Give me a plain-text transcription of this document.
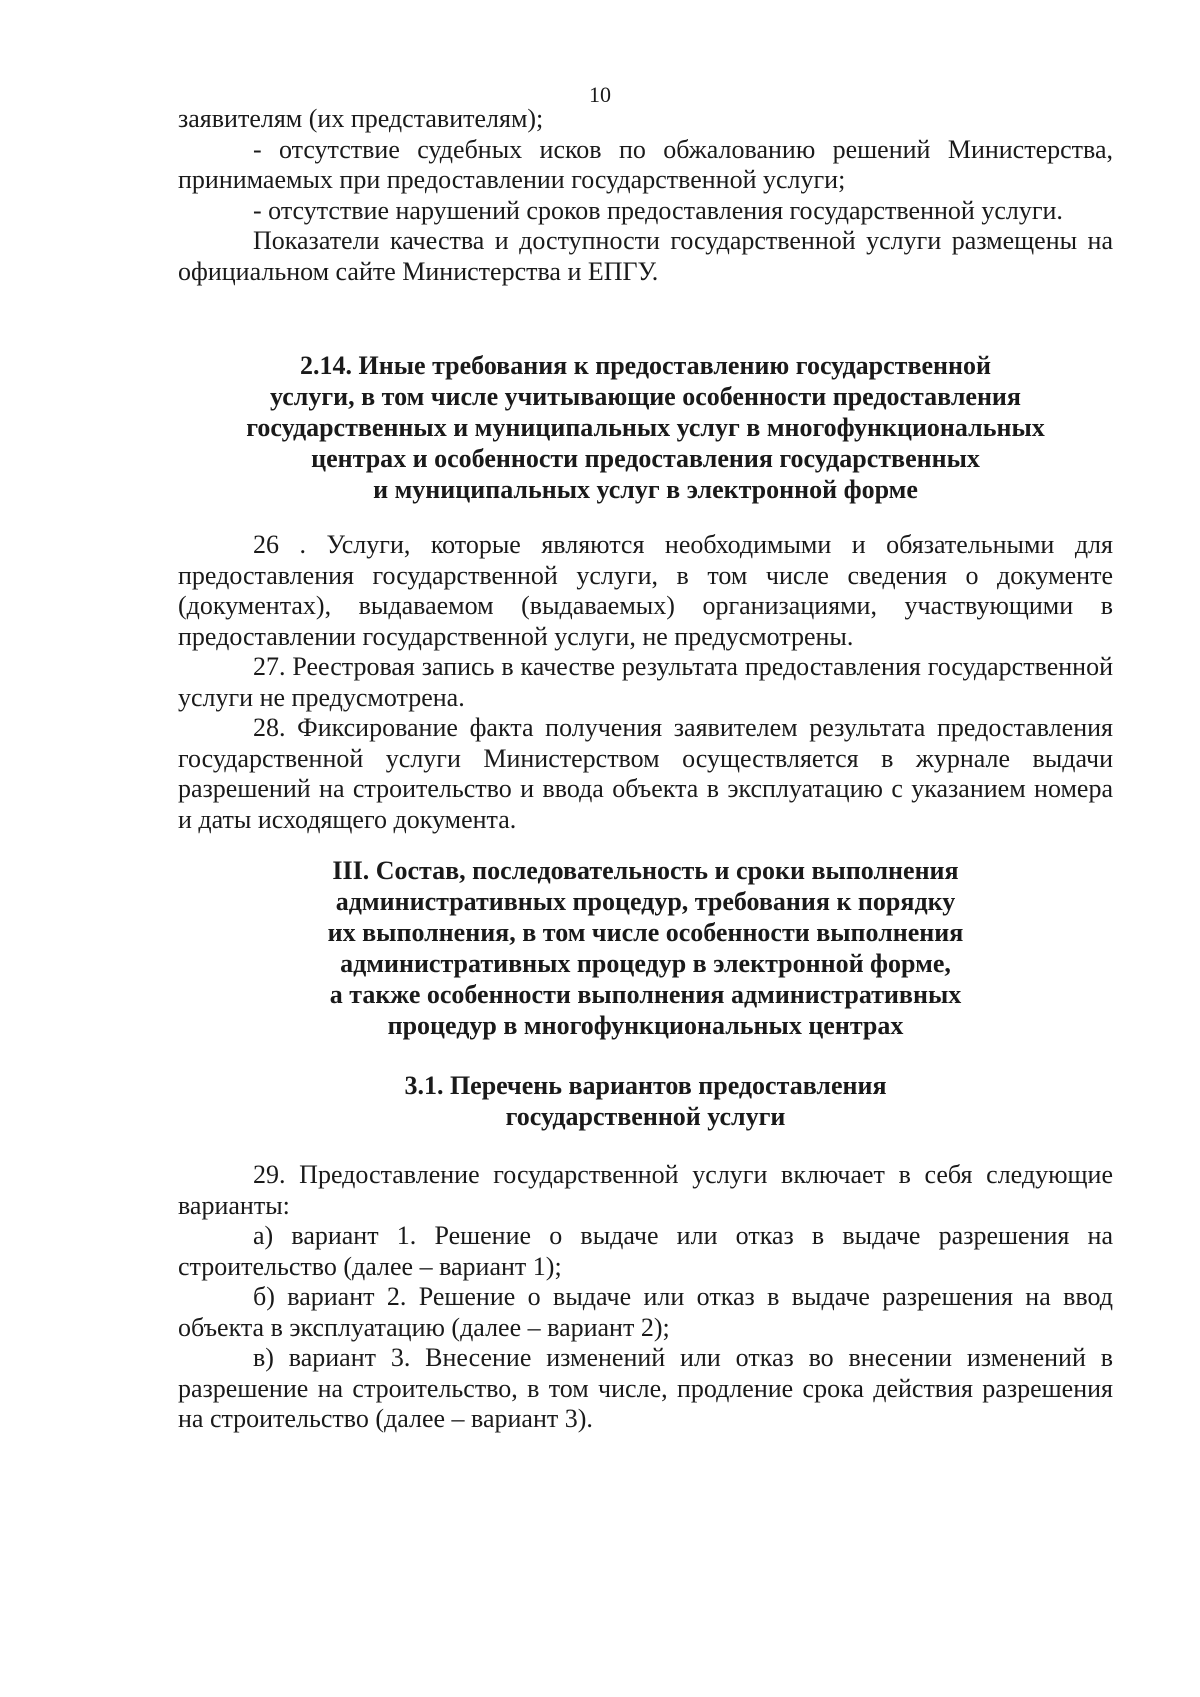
10

заявителям (их представителям);

- отсутствие судебных исков по обжалованию решений Министерства, принимаемых при предоставлении государственной услуги;

- отсутствие нарушений сроков предоставления государственной услуги.

Показатели качества и доступности государственной услуги размещены на официальном сайте Министерства и ЕПГУ.

2.14. Иные требования к предоставлению государственной
услуги, в том числе учитывающие особенности предоставления
государственных и муниципальных услуг в многофункциональных
центрах и особенности предоставления государственных
и муниципальных услуг в электронной форме

26 . Услуги, которые являются необходимыми и обязательными для предоставления государственной услуги, в том числе сведения о документе (документах), выдаваемом (выдаваемых) организациями, участвующими в предоставлении государственной услуги, не предусмотрены.

27. Реестровая запись в качестве результата предоставления государственной услуги не предусмотрена.

28. Фиксирование факта получения заявителем результата предоставления государственной услуги Министерством осуществляется в журнале выдачи разрешений на строительство и ввода объекта в эксплуатацию с указанием номера и даты исходящего документа.

III. Состав, последовательность и сроки выполнения
административных процедур, требования к порядку
их выполнения, в том числе особенности выполнения
административных процедур в электронной форме,
а также особенности выполнения административных
процедур в многофункциональных центрах
3.1. Перечень вариантов предоставления
государственной услуги

29. Предоставление государственной услуги включает в себя следующие варианты:

а) вариант 1. Решение о выдаче или отказ в выдаче разрешения на строительство (далее – вариант 1);

б) вариант 2. Решение о выдаче или отказ в выдаче разрешения на ввод объекта в эксплуатацию (далее – вариант 2);

в) вариант 3. Внесение изменений или отказ во внесении изменений в разрешение на строительство, в том числе, продление срока действия разрешения на строительство (далее – вариант 3).
